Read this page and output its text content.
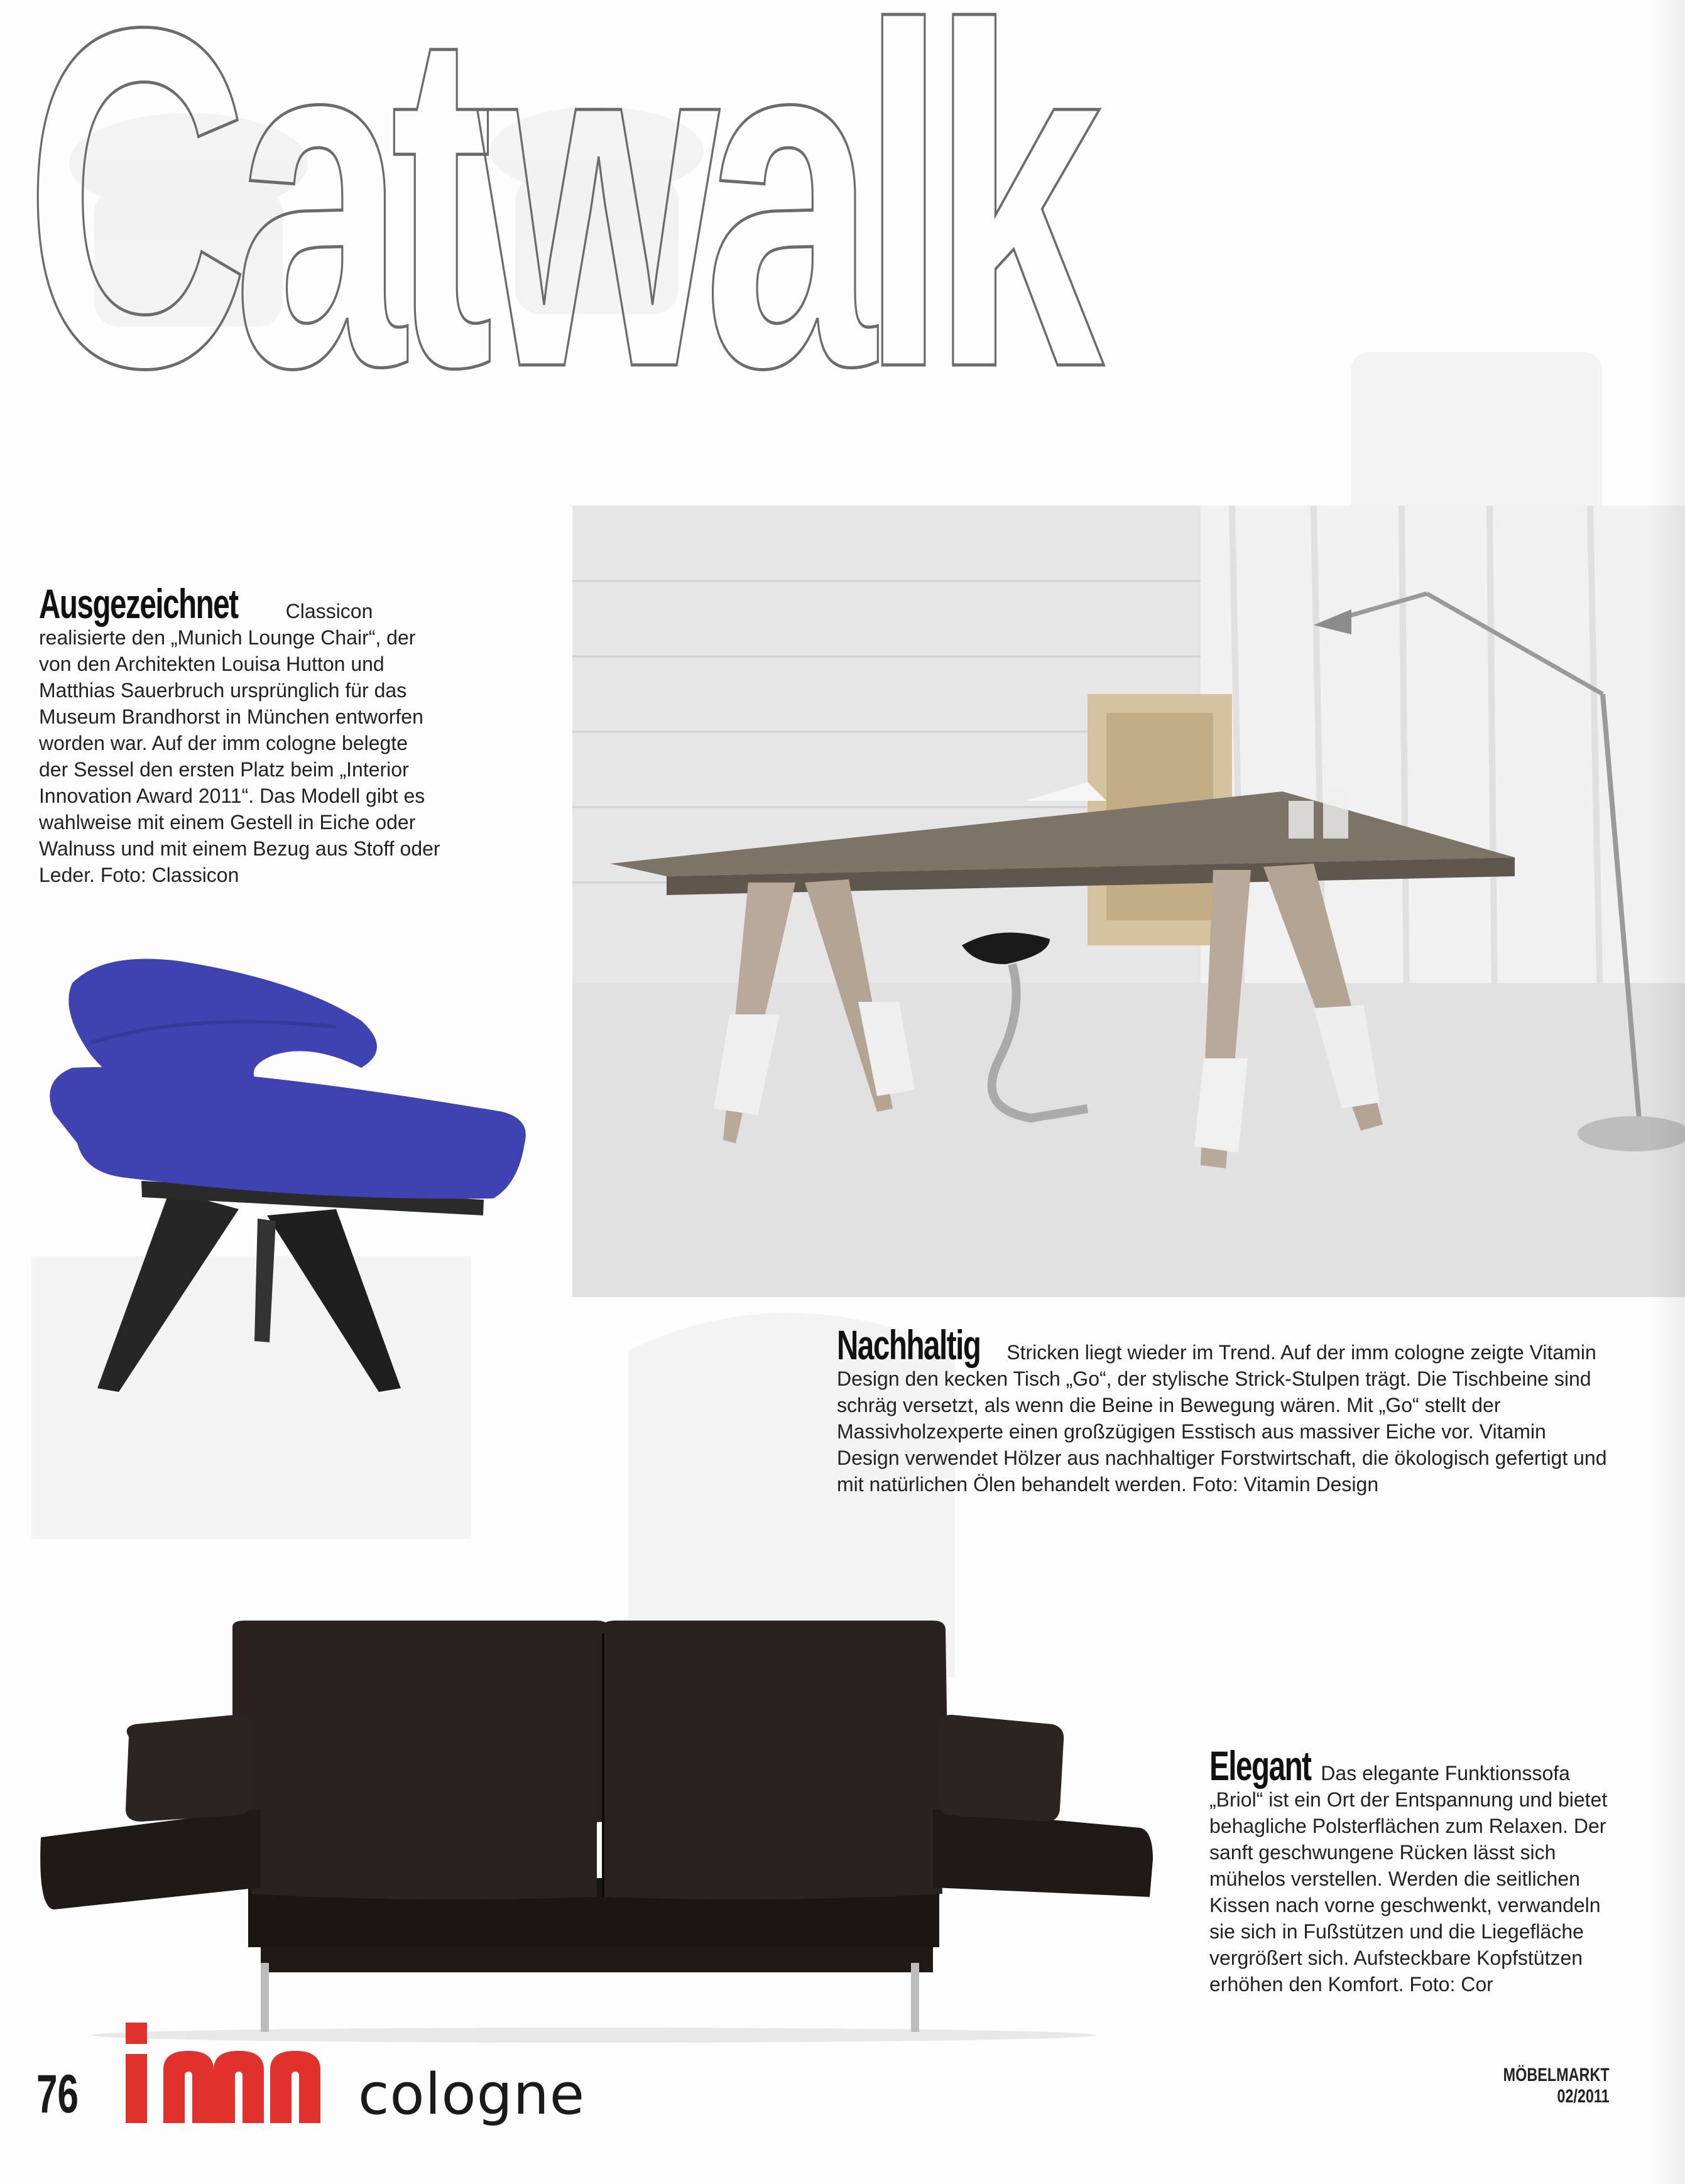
Catwalk
Ausgezeichnet Classicon realisierte den „Munich Lounge Chair“, der von den Architekten Louisa Hutton und Matthias Sauerbruch ursprünglich für das Museum Brandhorst in München entworfen worden war. Auf der imm cologne belegte der Sessel den ersten Platz beim „Interior Innovation Award 2011“. Das Modell gibt es wahlweise mit einem Gestell in Eiche oder Walnuss und mit einem Bezug aus Stoff oder Leder. Foto: Classicon
Nachhaltig Stricken liegt wieder im Trend. Auf der imm cologne zeigte Vitamin Design den kecken Tisch „Go“, der stylische Strick-Stulpen trägt. Die Tischbeine sind schräg versetzt, als wenn die Beine in Bewegung wären. Mit „Go“ stellt der Massivholzexperte einen großzügigen Esstisch aus massiver Eiche vor. Vitamin Design verwendet Hölzer aus nachhaltiger Forstwirtschaft, die ökologisch gefertigt und mit natürlichen Ölen behandelt werden. Foto: Vitamin Design
Elegant Das elegante Funktionssofa „Briol“ ist ein Ort der Entspannung und bietet behagliche Polsterflächen zum Relaxen. Der sanft geschwungene Rücken lässt sich mühelos verstellen. Werden die seitlichen Kissen nach vorne geschwenkt, verwandeln sie sich in Fußstützen und die Liegefläche vergrößert sich. Aufsteckbare Kopfstützen erhöhen den Komfort. Foto: Cor
76	cologne	MÖBELMARKT
02/2011
